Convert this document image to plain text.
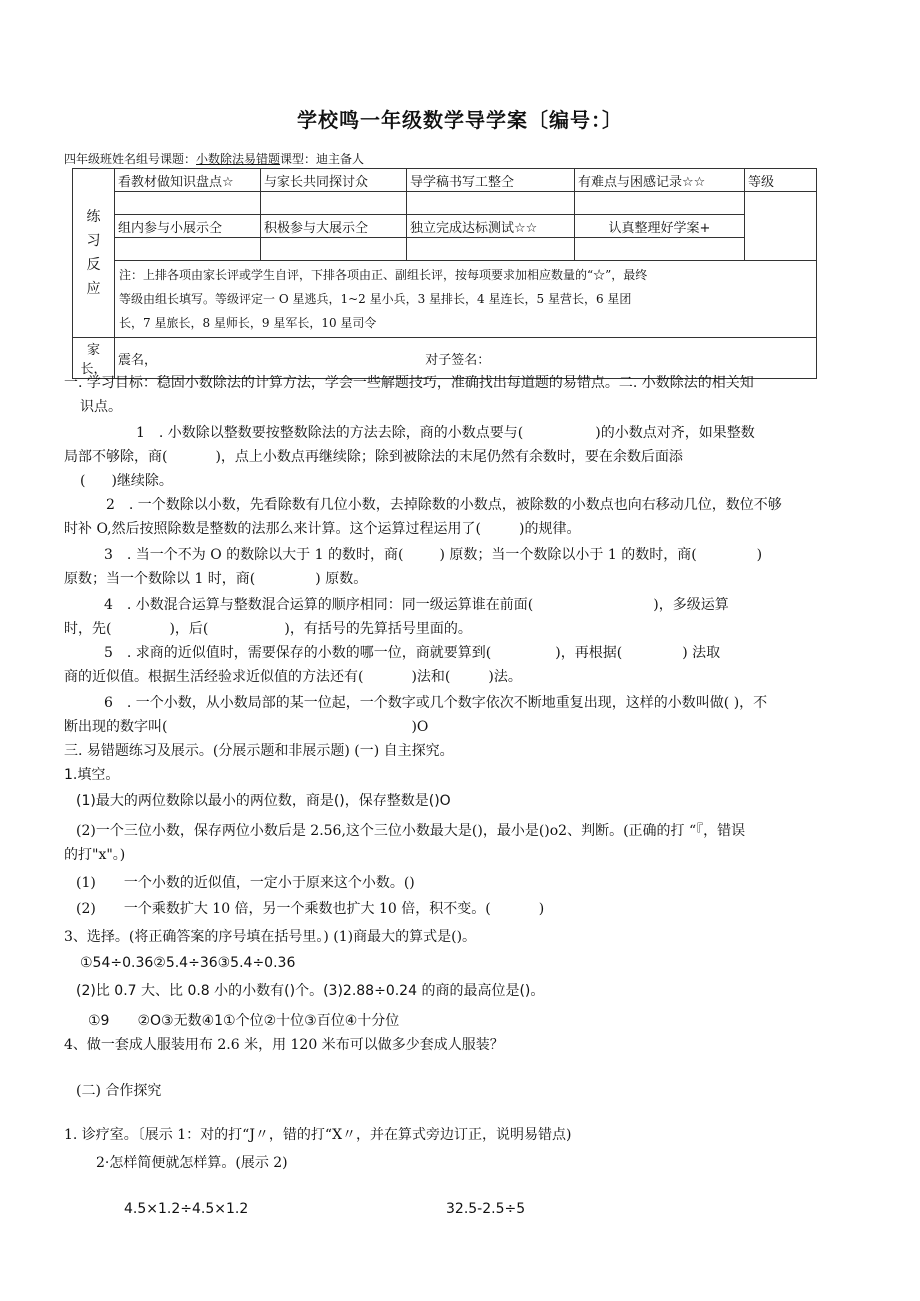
学校鸣一年级数学导学案〔编号：〕
四年级班姓名组号课题：小数除法易错题课型：迪主备人
练
习
反
应	看教材做知识盘点☆	与家长共同探讨众	导学稿书写工整仝	有难点与困感记录☆☆	等级

	组内参与小展示仝	积极参与大展示仝	独立完成达标测试☆☆	认真整理好学案+	

	注：上排各项由家长评或学生自评，下排各项由正、副组长评，按每项要求加相应数量的“☆”，最终
等级由组长填写。等级评定一 O 星逃兵，1~2 星小兵，3 星排长，4 星连长，5 星营长，6 星团
长，7 星旅长，8 星师长，9 星军长，10 星司令				

家长，	震名， 对子签名：				
一. 学习目标：稳固小数除法的计算方法，学会一些解题技巧，准确找出每道题的易错点。二. 小数除法的相关知
识点。
1　. 小数除以整数要按整数除法的方法去除，商的小数点要与(	)的小数点对齐，如果整数
局部不够除，商(	)，点上小数点再继续除；除到被除法的末尾仍然有余数时，要在余数后面添
( )继续除。
2　. 一个数除以小数，先看除数有几位小数，去掉除数的小数点，被除数的小数点也向右移动几位，数位不够
时补 O,然后按照除数是整数的法那么来计算。这个运算过程运用了(	)的规律。
3　. 当一个不为 O 的数除以大于 1 的数时，商(	) 原数；当一个数除以小于 1 的数时，商(	)
原数；当一个数除以 1 时，商(	) 原数。
4　. 小数混合运算与整数混合运算的顺序相同：同一级运算谁在前面(	)，多级运算
时，先(	)，后(	)，有括号的先算括号里面的。
5　. 求商的近似值时，需要保存的小数的哪一位，商就要算到(	)，再根据(	) 法取
商的近似值。根据生活经验求近似值的方法还有(	)法和(	)法。
6　. 一个小数，从小数局部的某一位起，一个数字或几个数字依次不断地重复出现，这样的小数叫做( )，不
断出现的数字叫(	)O
三. 易错题练习及展示。(分展示题和非展示题) (一) 自主探究。
1.填空。
(1)最大的两位数除以最小的两位数，商是()，保存整数是()O
(2)一个三位小数，保存两位小数后是 2.56,这个三位小数最大是()，最小是()o2、判断。(正确的打 “『，错误
的打"x"。)
(1)　　一个小数的近似值，一定小于原来这个小数。()
(2)　　一个乘数扩大 10 倍，另一个乘数也扩大 10 倍，积不变。(	)
3、选择。(将正确答案的序号填在括号里。) (1)商最大的算式是()。
①54÷0.36②5.4÷36③5.4÷0.36
(2)比 0.7 大、比 0.8 小的小数有()个。(3)2.88÷0.24 的商的最高位是()。
①9　　②O③无数④1①个位②十位③百位④十分位
4、做一套成人服装用布 2.6 米，用 120 米布可以做多少套成人服装？
(二) 合作探究
1. 诊疗室。〔展示 1：对的打“J〃，错的打“X〃，并在算式旁边订正，说明易错点)
2·怎样简便就怎样算。(展示 2)
4.5×1.2÷4.5×1.2	32.5-2.5÷5
